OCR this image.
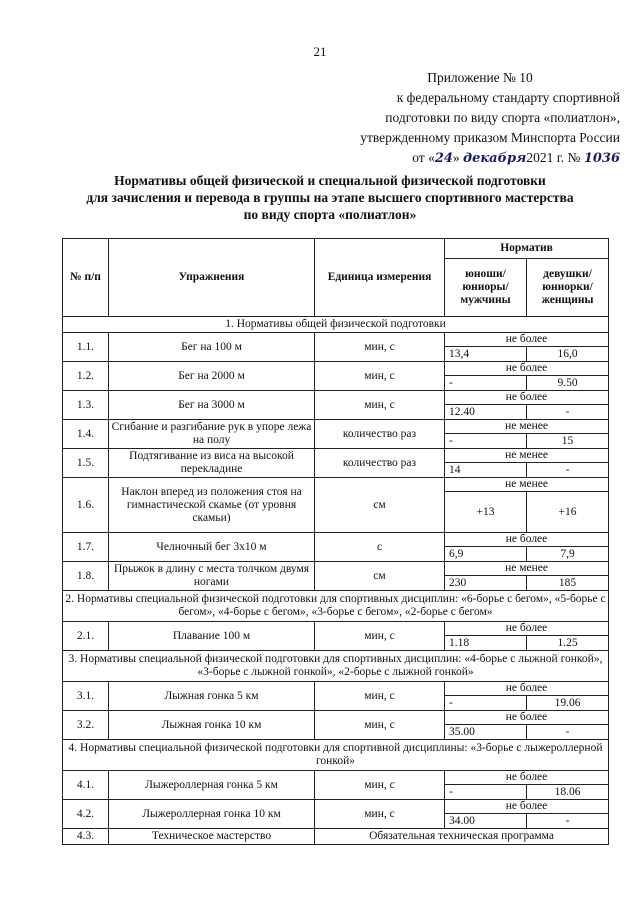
21
Приложение № 10
к федеральному стандарту спортивной
подготовки по виду спорта «полиатлон»,
утвержденному приказом Минспорта России
от «24» декабря2021 г. № 1036
Нормативы общей физической и специальной физической подготовки
для зачисления и перевода в группы на этапе высшего спортивного мастерства
по виду спорта «полиатлон»
№ п/п	Упражнения	Единица измерения	Норматив	
			юноши/ юниоры/ мужчины	девушки/ юниорки/ женщины
1. Нормативы общей физической подготовки				
1.1.	Бег на 100 м	мин, с	не более	
			13,4	16,0
1.2.	Бег на 2000 м	мин, с	не более	
			-	9.50
1.3.	Бег на 3000 м	мин, с	не более	
			12.40	-
1.4.	Сгибание и разгибание рук в упоре лежа на полу	количество раз	не менее	
			-	15
1.5.	Подтягивание из виса на высокой перекладине	количество раз	не менее	
			14	-
1.6.	Наклон вперед из положения стоя на гимнастической скамье (от уровня скамьи)	см	не менее	
			+13	+16
1.7.	Челночный бег 3х10 м	с	не более	
			6,9	7,9
1.8.	Прыжок в длину с места толчком двумя ногами	см	не менее	
			230	185
2. Нормативы специальной физической подготовки для спортивных дисциплин: «6-борье с бегом», «5-борье с бегом», «4-борье с бегом», «3-борье с бегом», «2-борье с бегом»				
2.1.	Плавание 100 м	мин, с	не более	
			1.18	1.25
3. Нормативы специальной физической подготовки для спортивных дисциплин: «4-борье с лыжной гонкой», «3-борье с лыжной гонкой», «2-борье с лыжной гонкой»				
3.1.	Лыжная гонка 5 км	мин, с	не более	
			-	19.06
3.2.	Лыжная гонка 10 км	мин, с	не более	
			35.00	-
4. Нормативы специальной физической подготовки для спортивной дисциплины: «3-борье с лыжероллерной гонкой»				
4.1.	Лыжероллерная гонка 5 км	мин, с	не более	
			-	18.06
4.2.	Лыжероллерная гонка 10 км	мин, с	не более	
			34.00	-
4.3.	Техническое мастерство	Обязательная техническая программа		
